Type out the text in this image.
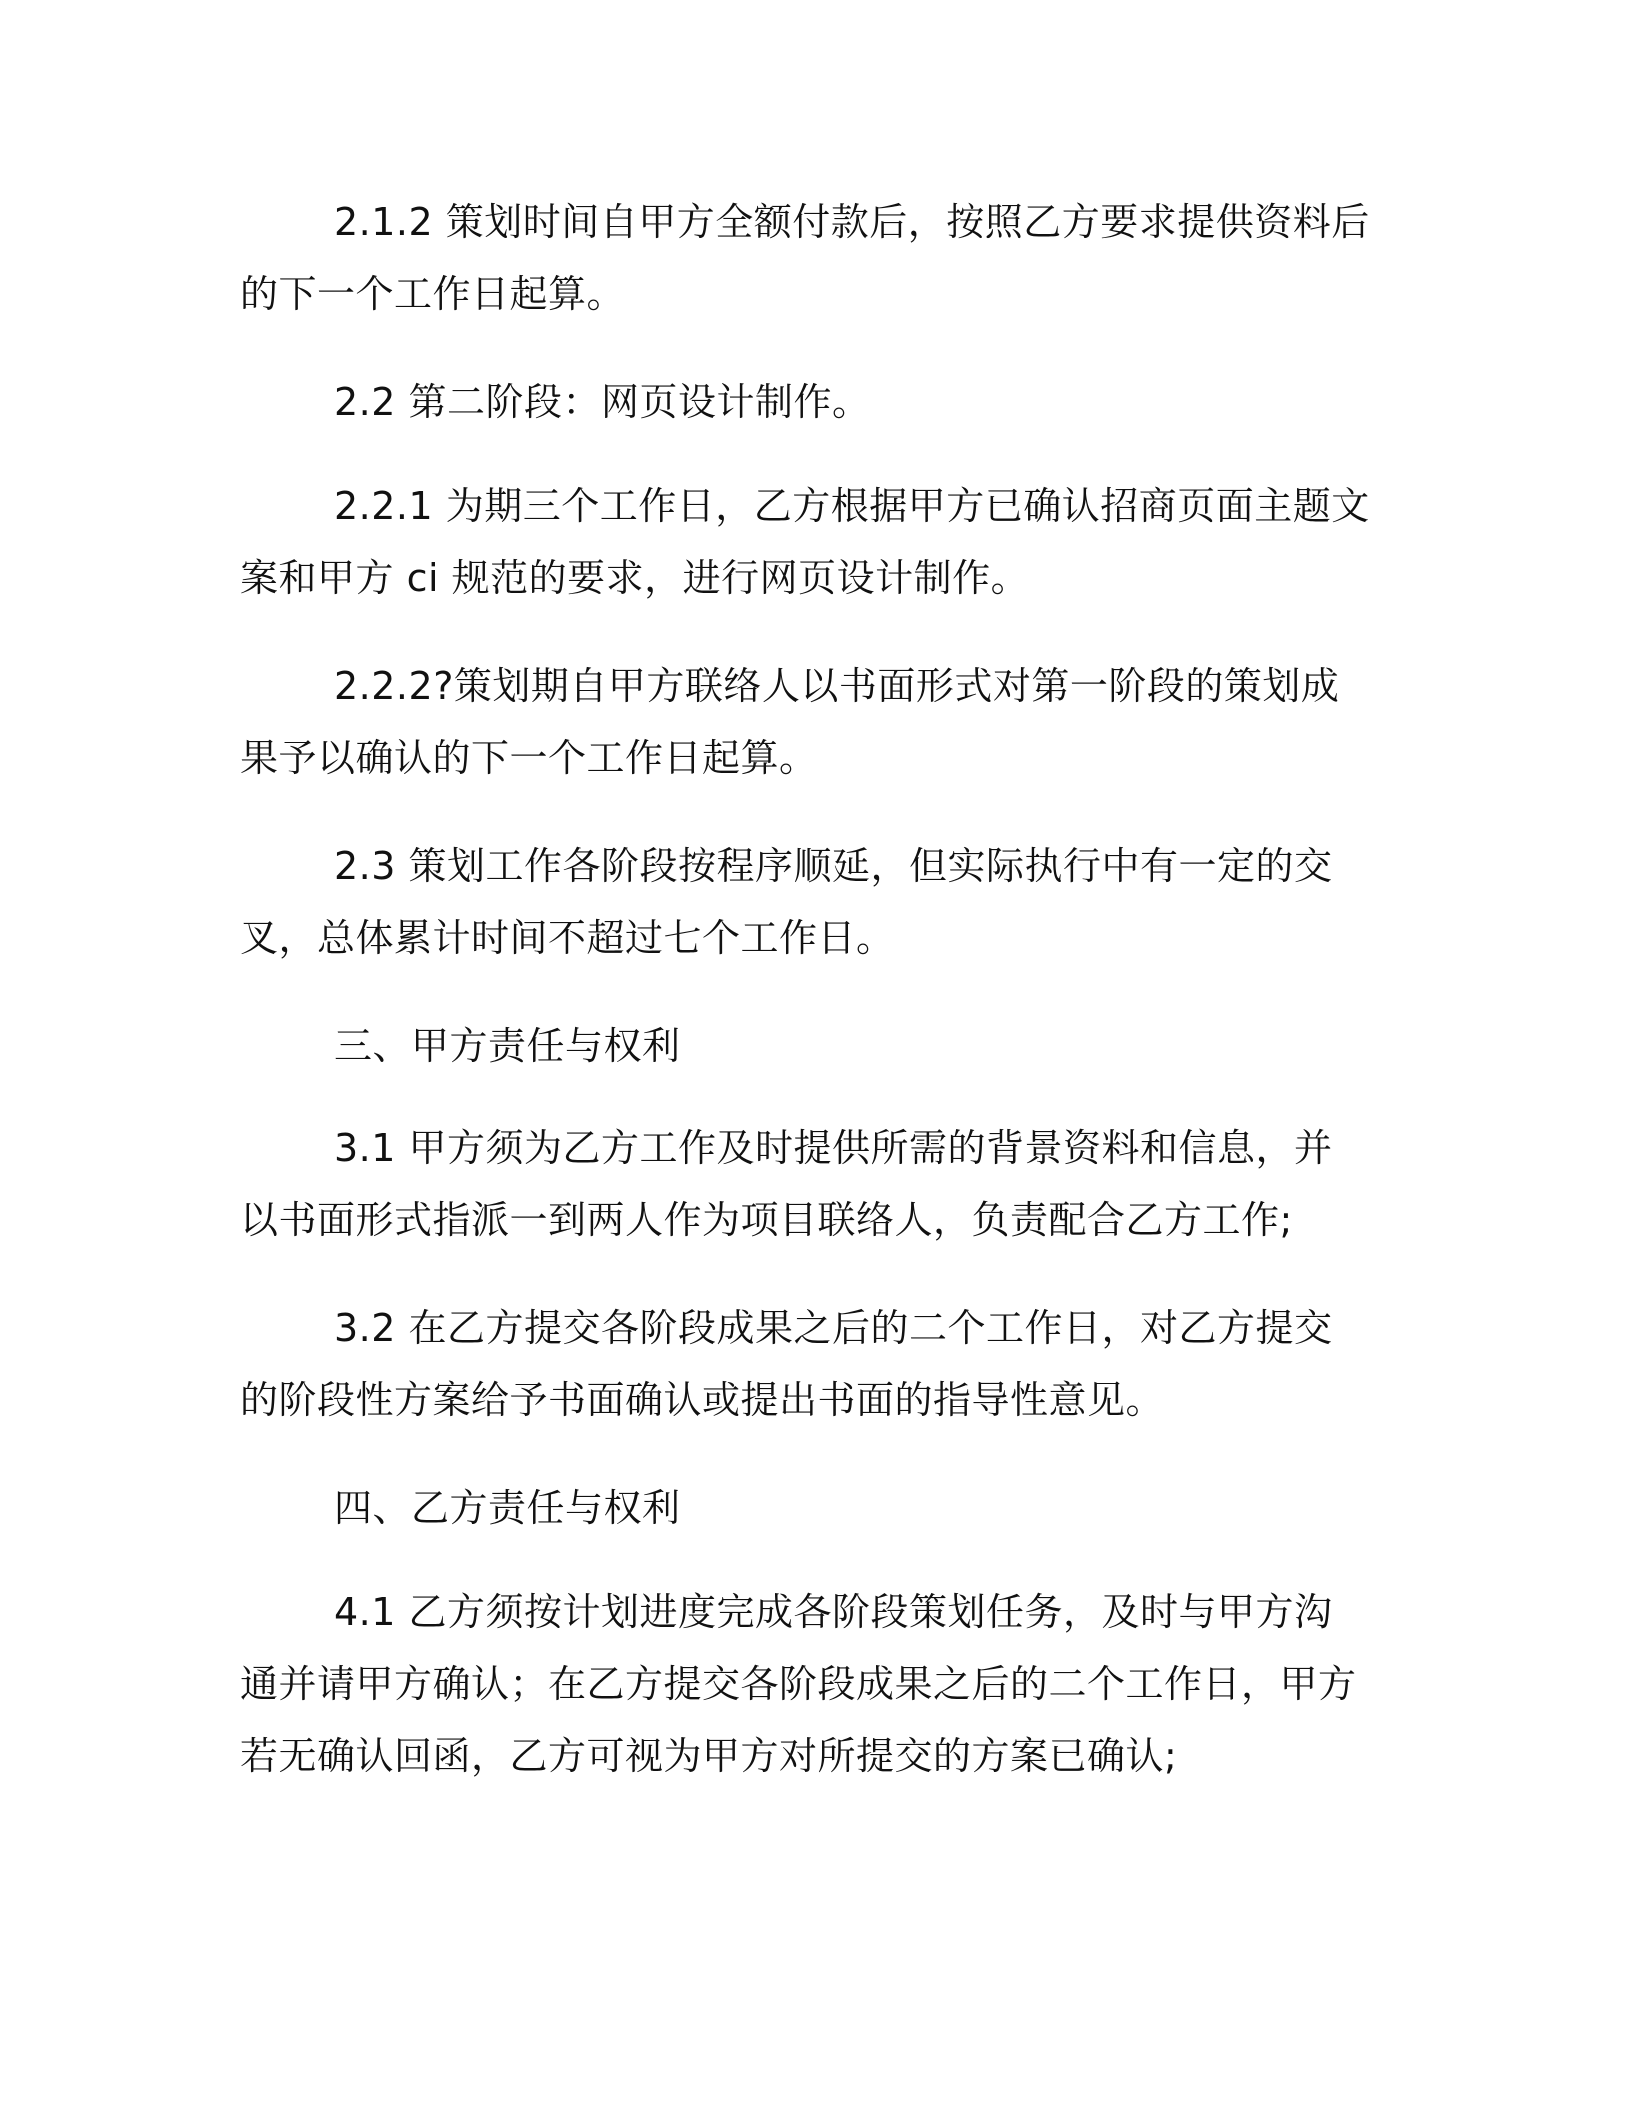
2.1.2 策划时间自甲方全额付款后，按照乙方要求提供资料后的下一个工作日起算。

2.2 第二阶段：网页设计制作。

2.2.1 为期三个工作日，乙方根据甲方已确认招商页面主题文案和甲方 ci 规范的要求，进行网页设计制作。

2.2.2?策划期自甲方联络人以书面形式对第一阶段的策划成果予以确认的下一个工作日起算。

2.3 策划工作各阶段按程序顺延，但实际执行中有一定的交叉，总体累计时间不超过七个工作日。

三、甲方责任与权利

3.1 甲方须为乙方工作及时提供所需的背景资料和信息，并以书面形式指派一到两人作为项目联络人，负责配合乙方工作;

3.2 在乙方提交各阶段成果之后的二个工作日，对乙方提交的阶段性方案给予书面确认或提出书面的指导性意见。

四、乙方责任与权利

4.1 乙方须按计划进度完成各阶段策划任务，及时与甲方沟通并请甲方确认；在乙方提交各阶段成果之后的二个工作日，甲方若无确认回函，乙方可视为甲方对所提交的方案已确认;
